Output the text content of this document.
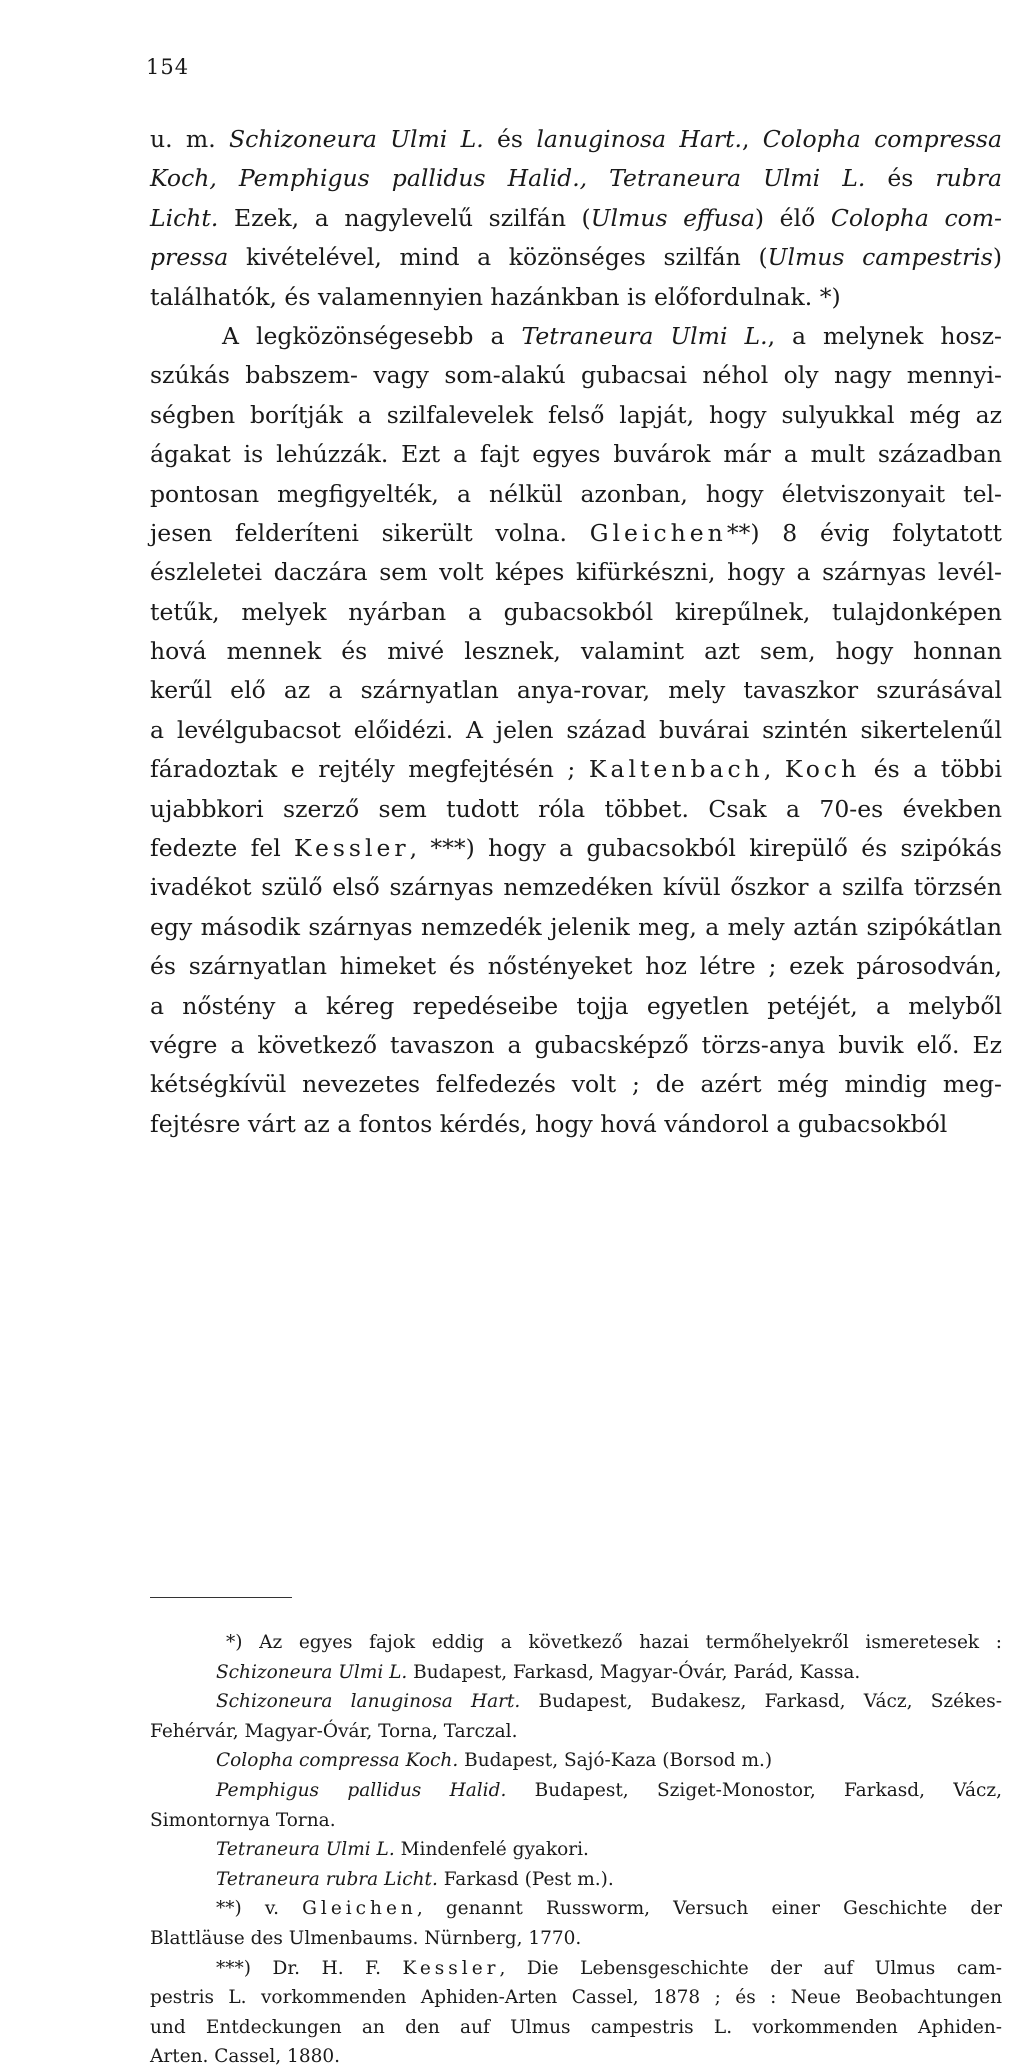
154
u. m. Schizoneura Ulmi L. és lanuginosa Hart., Colopha compressa
Koch, Pemphigus pallidus Halid., Tetraneura Ulmi L. és rubra
Licht. Ezek, a nagylevelű szilfán (Ulmus effusa) élő Colopha com-
pressa kivételével, mind a közönséges szilfán (Ulmus campestris)
találhatók, és valamennyien hazánkban is előfordulnak. *)
A legközönségesebb a Tetraneura Ulmi L., a melynek hosz-
szúkás babszem- vagy som-alakú gubacsai néhol oly nagy mennyi-
ségben borítják a szilfalevelek felső lapját, hogy sulyukkal még az
ágakat is lehúzzák. Ezt a fajt egyes buvárok már a mult században
pontosan megfigyelték, a nélkül azonban, hogy életviszonyait tel-
jesen felderíteni sikerült volna. Gleichen**) 8 évig folytatott
észleletei daczára sem volt képes kifürkészni, hogy a szárnyas levél-
tetűk, melyek nyárban a gubacsokból kirepűlnek, tulajdonképen
hová mennek és mivé lesznek, valamint azt sem, hogy honnan
kerűl elő az a szárnyatlan anya-rovar, mely tavaszkor szurásával
a levélgubacsot előidézi. A jelen század buvárai szintén sikertelenűl
fáradoztak e rejtély megfejtésén ; Kaltenbach, Koch és a többi
ujabbkori szerző sem tudott róla többet. Csak a 70-es években
fedezte fel Kessler, ***) hogy a gubacsokból kirepülő és szipókás
ivadékot szülő első szárnyas nemzedéken kívül őszkor a szilfa törzsén
egy második szárnyas nemzedék jelenik meg, a mely aztán szipókátlan
és szárnyatlan himeket és nőstényeket hoz létre ; ezek párosodván,
a nőstény a kéreg repedéseibe tojja egyetlen petéjét, a melyből
végre a következő tavaszon a gubacsképző törzs-anya buvik elő. Ez
kétségkívül nevezetes felfedezés volt ; de azért még mindig meg-
fejtésre várt az a fontos kérdés, hogy hová vándorol a gubacsokból
*) Az egyes fajok eddig a következő hazai termőhelyekről ismeretesek :
Schizoneura Ulmi L. Budapest, Farkasd, Magyar-Óvár, Parád, Kassa.
Schizoneura lanuginosa Hart. Budapest, Budakesz, Farkasd, Vácz, Székes-
Fehérvár, Magyar-Óvár, Torna, Tarczal.
Colopha compressa Koch. Budapest, Sajó-Kaza (Borsod m.)
Pemphigus pallidus Halid. Budapest, Sziget-Monostor, Farkasd, Vácz,
Simontornya Torna.
Tetraneura Ulmi L. Mindenfelé gyakori.
Tetraneura rubra Licht. Farkasd (Pest m.).
**) v. Gleichen, genannt Russworm, Versuch einer Geschichte der
Blattläuse des Ulmenbaums. Nürnberg, 1770.
***) Dr. H. F. Kessler, Die Lebensgeschichte der auf Ulmus cam-
pestris L. vorkommenden Aphiden-Arten Cassel, 1878 ; és : Neue Beobachtungen
und Entdeckungen an den auf Ulmus campestris L. vorkommenden Aphiden-
Arten. Cassel, 1880.
